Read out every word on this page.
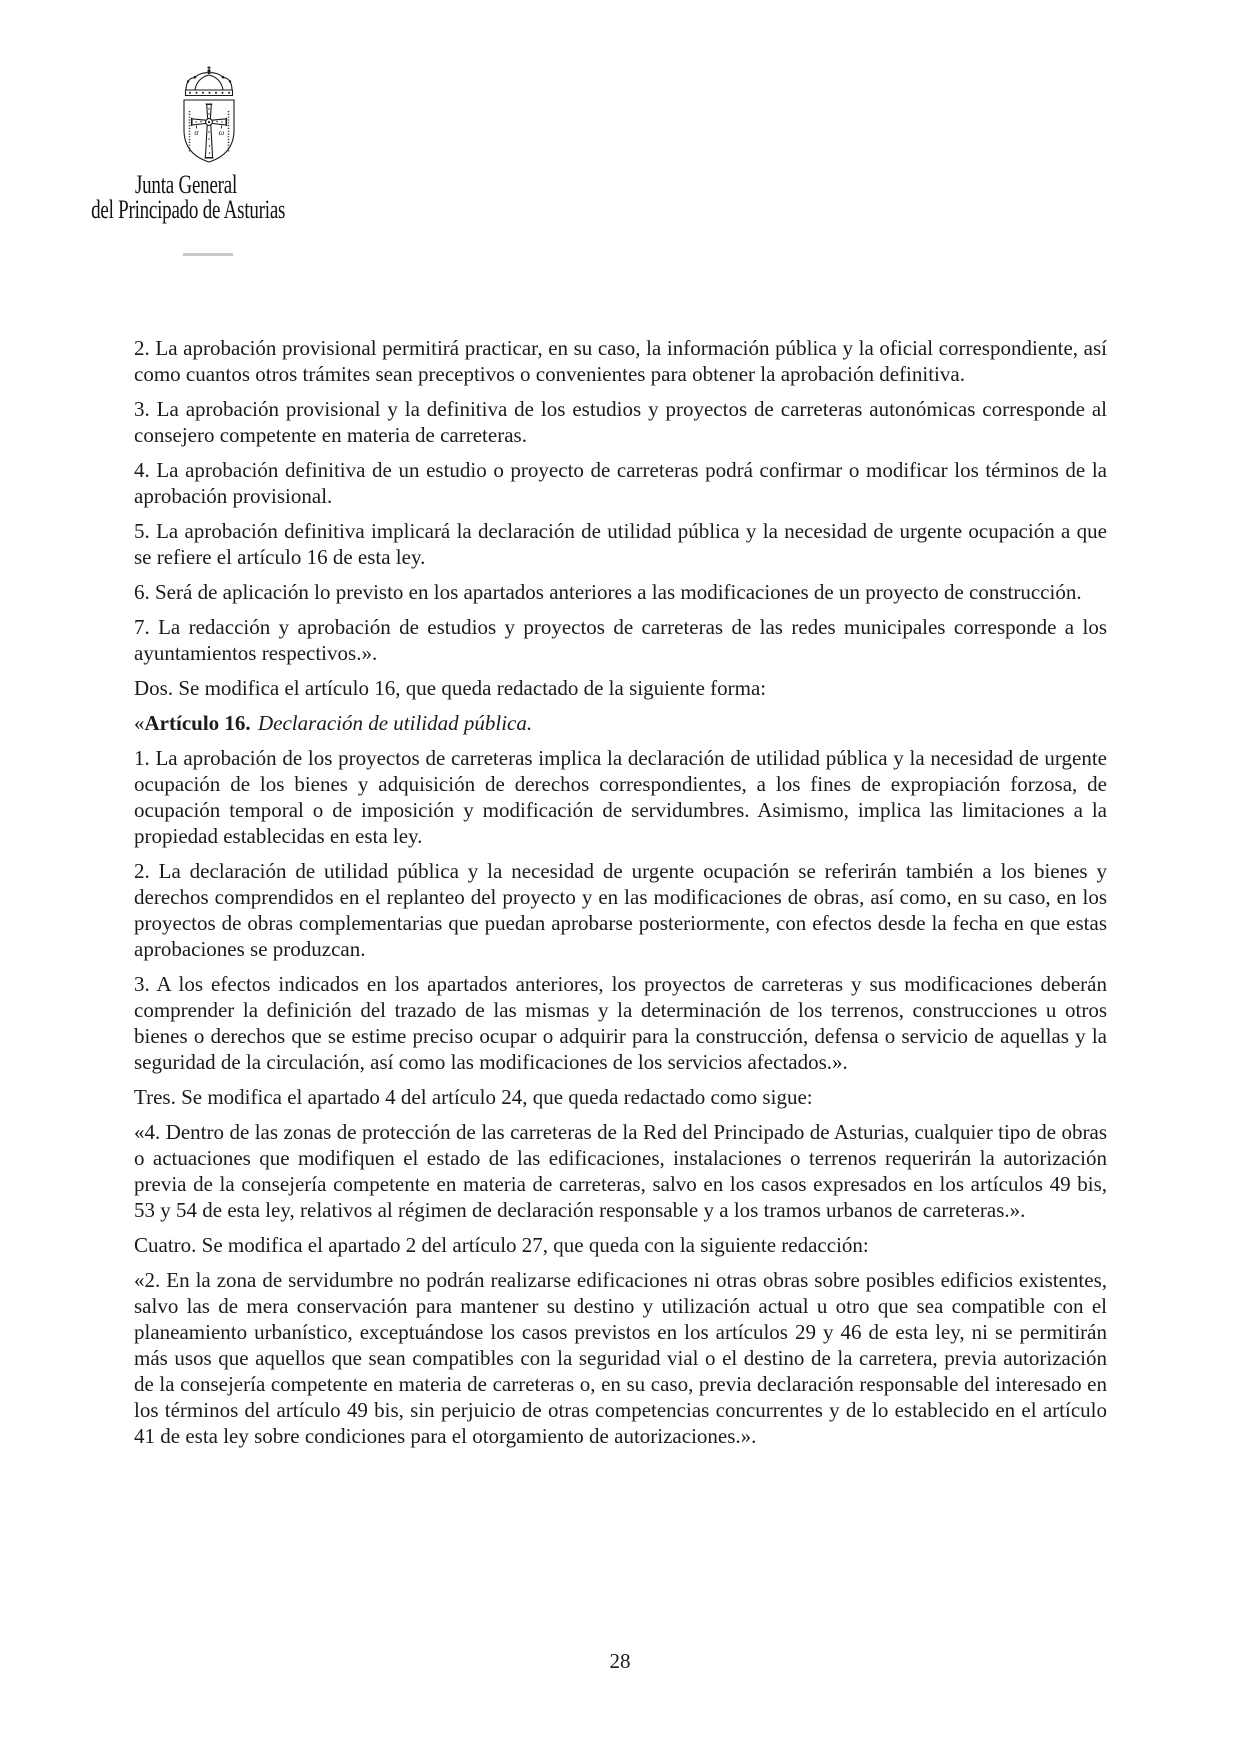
α	ω
Junta General
del Principado de Asturias

2. La aprobación provisional permitirá practicar, en su caso, la información pública y la oficial correspondiente, así como cuantos otros trámites sean preceptivos o convenientes para obtener la aprobación definitiva.

3. La aprobación provisional y la definitiva de los estudios y proyectos de carreteras autonómicas corresponde al consejero competente en materia de carreteras.

4. La aprobación definitiva de un estudio o proyecto de carreteras podrá confirmar o modificar los términos de la aprobación provisional.

5. La aprobación definitiva implicará la declaración de utilidad pública y la necesidad de urgente ocupación a que se refiere el artículo 16 de esta ley.

6. Será de aplicación lo previsto en los apartados anteriores a las modificaciones de un proyecto de construcción.

7. La redacción y aprobación de estudios y proyectos de carreteras de las redes municipales corresponde a los ayuntamientos respectivos.».

Dos. Se modifica el artículo 16, que queda redactado de la siguiente forma:

«Artículo 16. Declaración de utilidad pública.

1. La aprobación de los proyectos de carreteras implica la declaración de utilidad pública y la necesidad de urgente ocupación de los bienes y adquisición de derechos correspondientes, a los fines de expropiación forzosa, de ocupación temporal o de imposición y modificación de servidumbres. Asimismo, implica las limitaciones a la propiedad establecidas en esta ley.

2. La declaración de utilidad pública y la necesidad de urgente ocupación se referirán también a los bienes y derechos comprendidos en el replanteo del proyecto y en las modificaciones de obras, así como, en su caso, en los proyectos de obras complementarias que puedan aprobarse posteriormente, con efectos desde la fecha en que estas aprobaciones se produzcan.

3. A los efectos indicados en los apartados anteriores, los proyectos de carreteras y sus modificaciones deberán comprender la definición del trazado de las mismas y la determinación de los terrenos, construcciones u otros bienes o derechos que se estime preciso ocupar o adquirir para la construcción, defensa o servicio de aquellas y la seguridad de la circulación, así como las modificaciones de los servicios afectados.».

Tres. Se modifica el apartado 4 del artículo 24, que queda redactado como sigue:

«4. Dentro de las zonas de protección de las carreteras de la Red del Principado de Asturias, cualquier tipo de obras o actuaciones que modifiquen el estado de las edificaciones, instalaciones o terrenos requerirán la autorización previa de la consejería competente en materia de carreteras, salvo en los casos expresados en los artículos 49 bis, 53 y 54 de esta ley, relativos al régimen de declaración responsable y a los tramos urbanos de carreteras.».

Cuatro. Se modifica el apartado 2 del artículo 27, que queda con la siguiente redacción:

«2. En la zona de servidumbre no podrán realizarse edificaciones ni otras obras sobre posibles edificios existentes, salvo las de mera conservación para mantener su destino y utilización actual u otro que sea compatible con el planeamiento urbanístico, exceptuándose los casos previstos en los artículos 29 y 46 de esta ley, ni se permitirán más usos que aquellos que sean compatibles con la seguridad vial o el destino de la carretera, previa autorización de la consejería competente en materia de carreteras o, en su caso, previa declaración responsable del interesado en los términos del artículo 49 bis, sin perjuicio de otras competencias concurrentes y de lo establecido en el artículo 41 de esta ley sobre condiciones para el otorgamiento de autorizaciones.».

28
